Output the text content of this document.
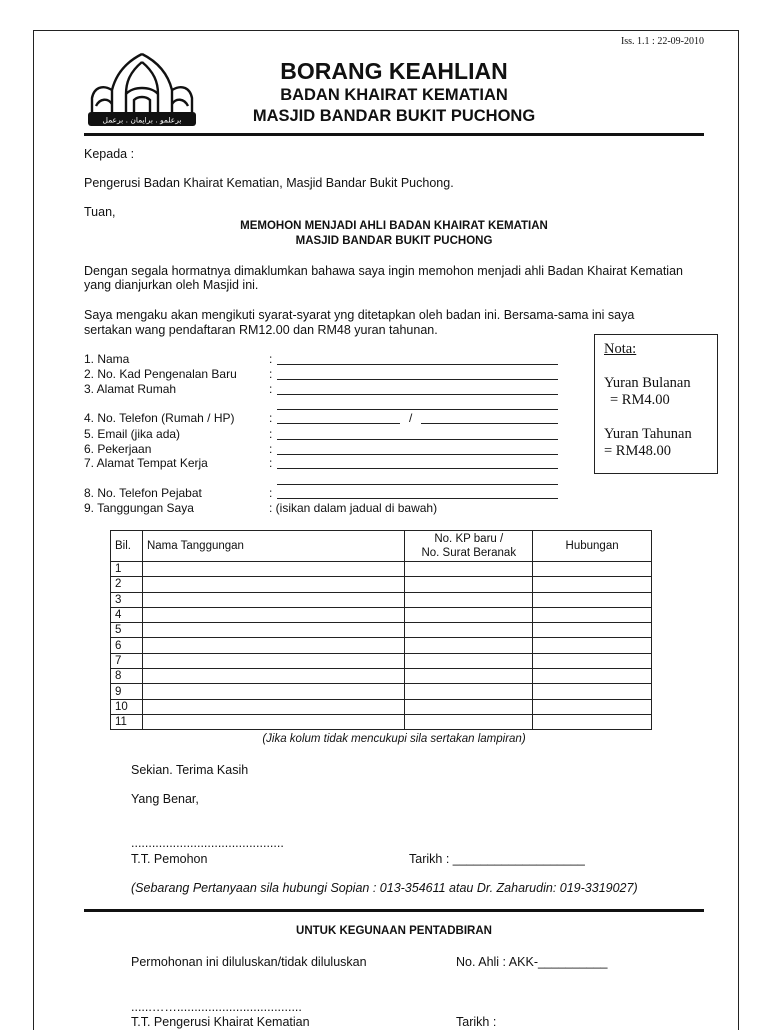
Iss. 1.1 : 22-09-2010
برعلمو . برايمان . برعمل
BORANG KEAHLIAN
BADAN KHAIRAT KEMATIAN
MASJID BANDAR BUKIT PUCHONG
Kepada :
Pengerusi Badan Khairat Kematian, Masjid Bandar Bukit Puchong.
Tuan,
MEMOHON MENJADI AHLI BADAN KHAIRAT KEMATIAN
MASJID BANDAR BUKIT PUCHONG
Dengan segala hormatnya dimaklumkan bahawa saya ingin memohon menjadi ahli Badan Khairat Kematian
yang dianjurkan oleh Masjid ini.
Saya mengaku akan mengikuti syarat-syarat yng ditetapkan oleh badan ini. Bersama-sama ini saya
sertakan wang pendaftaran RM12.00 dan RM48 yuran tahunan.
Nota:
Yuran Bulanan
= RM4.00
Yuran Tahunan
= RM48.00
1. Nama	:
2. No. Kad Pengenalan Baru	:
3. Alamat Rumah	:
4. No. Telefon (Rumah / HP)	:	/
5. Email (jika ada)	:
6. Pekerjaan	:
7. Alamat Tempat Kerja	:
8. No. Telefon Pejabat	:
9. Tanggungan Saya	: (isikan dalam jadual di bawah)
Bil.	Nama Tanggungan	No. KP baru /
No. Surat Beranak	Hubungan
1			
2			
3			
4			
5			
6			
7			
8			
9			
10			
11			
(Jika kolum tidak mencukupi sila sertakan lampiran)
Sekian. Terima Kasih
Yang Benar,
............................................
T.T. Pemohon	Tarikh : ___________________
(Sebarang Pertanyaan sila hubungi Sopian : 013-354611 atau Dr. Zaharudin: 019-3319027)
UNTUK KEGUNAAN PENTADBIRAN
Permohonan ini diluluskan/tidak diluluskan	No. Ahli : AKK-__________
......……....................................
T.T. Pengerusi Khairat Kematian	Tarikh :
